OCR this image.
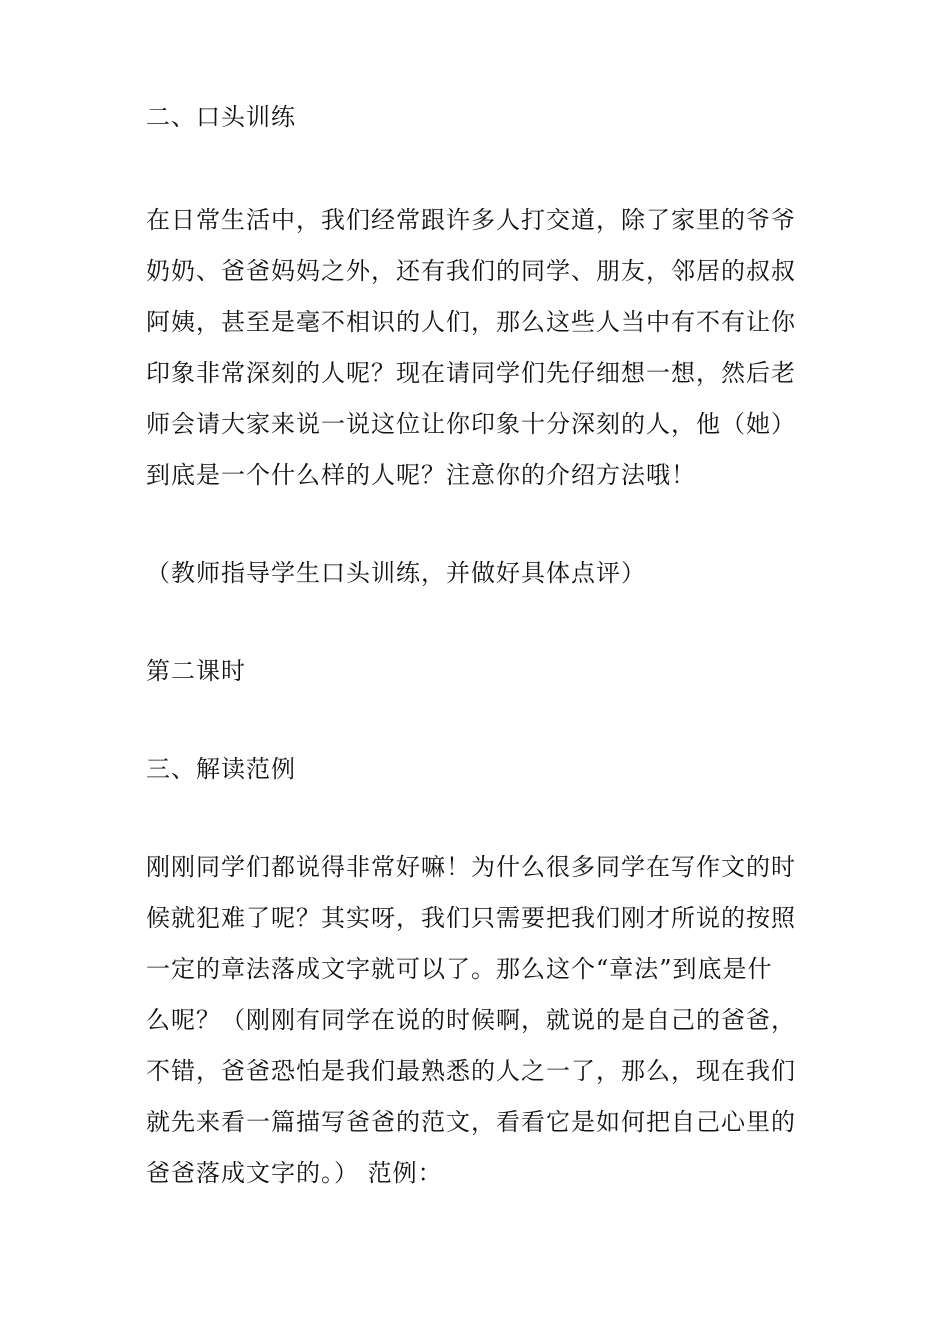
二、口头训练

在日常生活中，我们经常跟许多人打交道，除了家里的爷爷

奶奶、爸爸妈妈之外，还有我们的同学、朋友，邻居的叔叔

阿姨，甚至是毫不相识的人们，那么这些人当中有不有让你

印象非常深刻的人呢？现在请同学们先仔细想一想，然后老

师会请大家来说一说这位让你印象十分深刻的人，他（她）

到底是一个什么样的人呢？注意你的介绍方法哦！

（教师指导学生口头训练，并做好具体点评）

第二课时

三、解读范例

刚刚同学们都说得非常好嘛！为什么很多同学在写作文的时

候就犯难了呢？其实呀，我们只需要把我们刚才所说的按照

一定的章法落成文字就可以了。那么这个“章法”到底是什

么呢？（刚刚有同学在说的时候啊，就说的是自己的爸爸，

不错，爸爸恐怕是我们最熟悉的人之一了，那么，现在我们

就先来看一篇描写爸爸的范文，看看它是如何把自己心里的

爸爸落成文字的。） 范例：
